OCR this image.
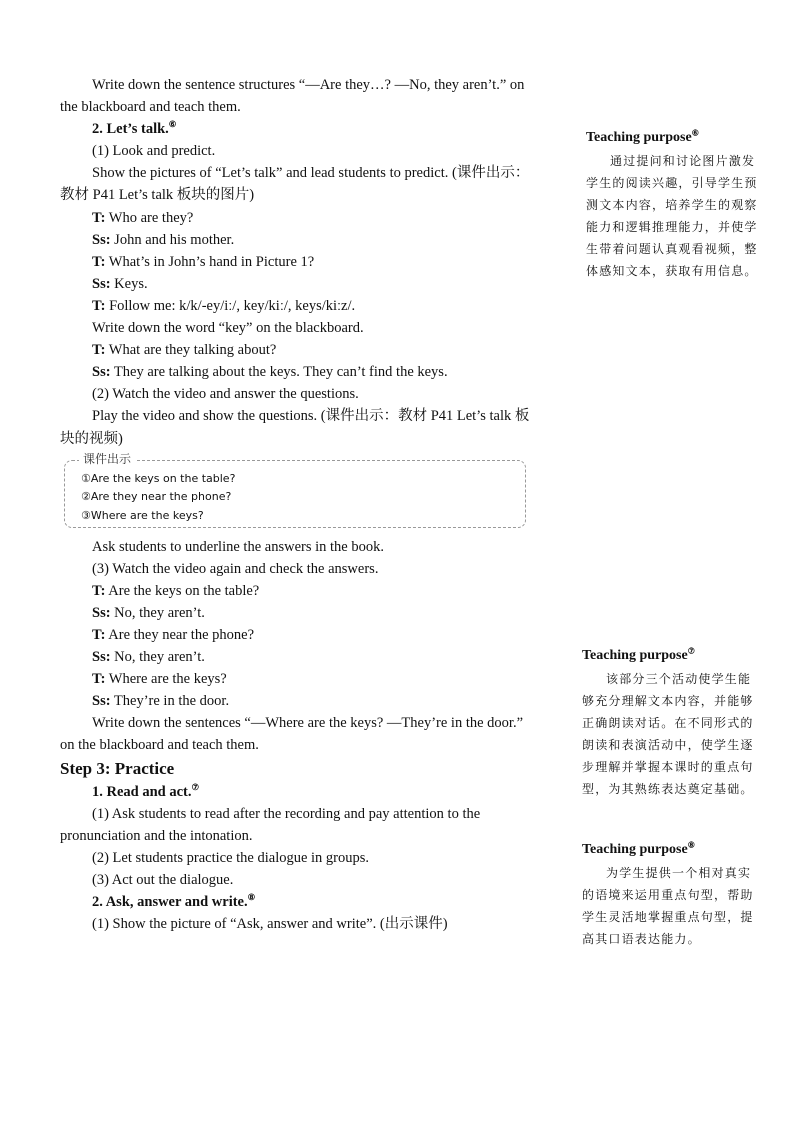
Write down the sentence structures “—Are they…? —No, they aren’t.” on the blackboard and teach them.

2. Let’s talk.⑥

(1) Look and predict.

Show the pictures of “Let’s talk” and lead students to predict. (课件出示：教材 P41 Let’s talk 板块的图片)

T: Who are they?

Ss: John and his mother.

T: What’s in John’s hand in Picture 1?

Ss: Keys.

T: Follow me: k/k/-ey/iː/, key/kiː/, keys/kiːz/.

Write down the word “key” on the blackboard.

T: What are they talking about?

Ss: They are talking about the keys. They can’t find the keys.

(2) Watch the video and answer the questions.

Play the video and show the questions. (课件出示：教材 P41 Let’s talk 板块的视频)

课件出示
①Are the keys on the table?
②Are they near the phone?
③Where are the keys?

Ask students to underline the answers in the book.

(3) Watch the video again and check the answers.

T: Are the keys on the table?

Ss: No, they aren’t.

T: Are they near the phone?

Ss: No, they aren’t.

T: Where are the keys?

Ss: They’re in the door.

Write down the sentences “—Where are the keys? —They’re in the door.” on the blackboard and teach them.

Step 3: Practice

1. Read and act.⑦

(1) Ask students to read after the recording and pay attention to the pronunciation and the intonation.

(2) Let students practice the dialogue in groups.

(3) Act out the dialogue.

2. Ask, answer and write.⑧

(1) Show the picture of “Ask, answer and write”. (出示课件)

Teaching purpose⑥
通过提问和讨论图片激发学生的阅读兴趣，引导学生预测文本内容，培养学生的观察能力和逻辑推理能力，并使学生带着问题认真观看视频，整体感知文本，获取有用信息。
Teaching purpose⑦
该部分三个活动使学生能够充分理解文本内容，并能够正确朗读对话。在不同形式的朗读和表演活动中，使学生逐步理解并掌握本课时的重点句型，为其熟练表达奠定基础。
Teaching purpose⑧
为学生提供一个相对真实的语境来运用重点句型，帮助学生灵活地掌握重点句型，提高其口语表达能力。
